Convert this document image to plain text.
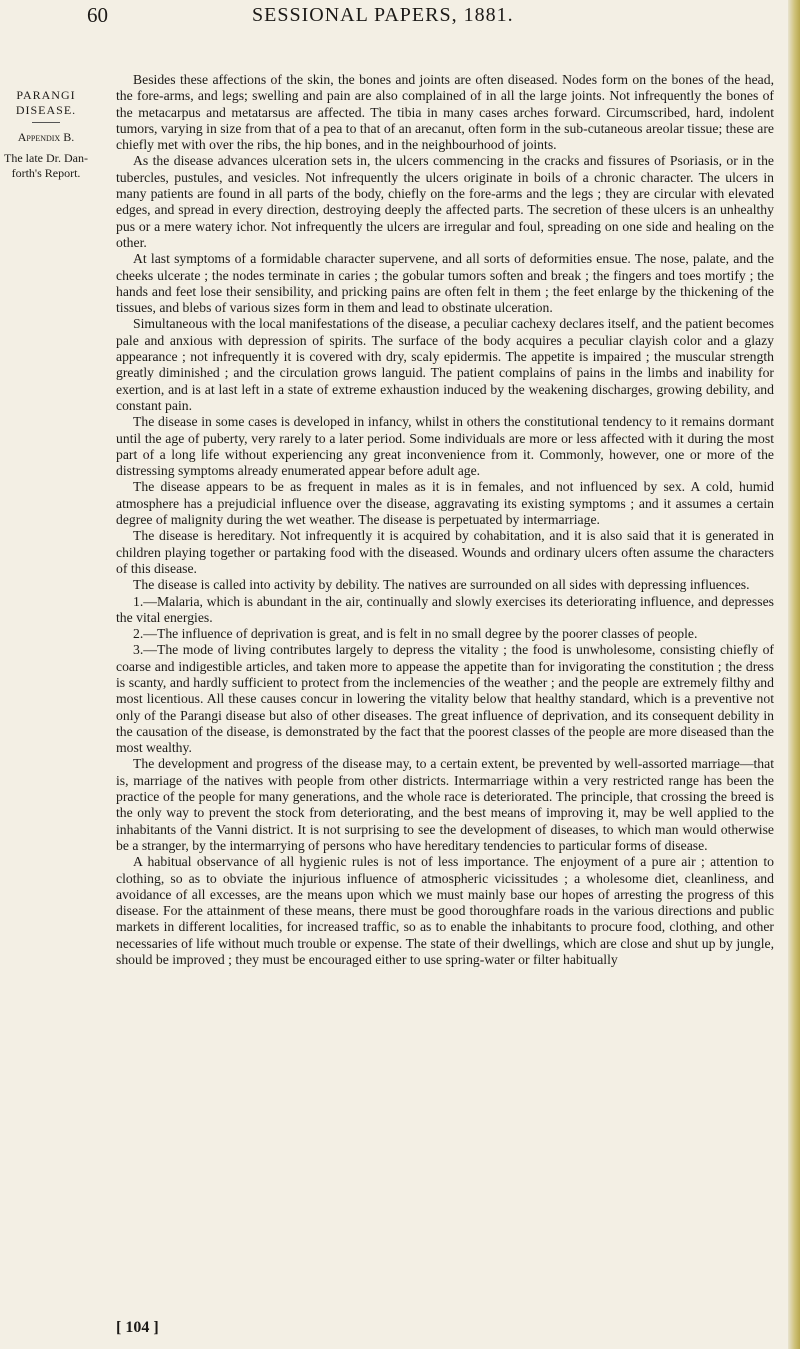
60	SESSIONAL PAPERS, 1881.
PARANGI
DISEASE.
Appendix B.
The late Dr. Dan-
forth's Report.

Besides these affections of the skin, the bones and joints are often diseased. Nodes form on the bones of the head, the fore-arms, and legs; swelling and pain are also complained of in all the large joints. Not infrequently the bones of the metacarpus and metatarsus are affected. The tibia in many cases arches forward. Circumscribed, hard, indolent tumors, varying in size from that of a pea to that of an arecanut, often form in the sub-cutaneous areolar tissue; these are chiefly met with over the ribs, the hip bones, and in the neighbourhood of joints.

As the disease advances ulceration sets in, the ulcers commencing in the cracks and fissures of Psoriasis, or in the tubercles, pustules, and vesicles. Not infrequently the ulcers originate in boils of a chronic character. The ulcers in many patients are found in all parts of the body, chiefly on the fore-arms and the legs ; they are circular with elevated edges, and spread in every direction, destroying deeply the affected parts. The secretion of these ulcers is an unhealthy pus or a mere watery ichor. Not infrequently the ulcers are irregular and foul, spreading on one side and healing on the other.

At last symptoms of a formidable character supervene, and all sorts of deformities ensue. The nose, palate, and the cheeks ulcerate ; the nodes terminate in caries ; the gobular tumors soften and break ; the fingers and toes mortify ; the hands and feet lose their sensibility, and pricking pains are often felt in them ; the feet enlarge by the thickening of the tissues, and blebs of various sizes form in them and lead to obstinate ulceration.

Simultaneous with the local manifestations of the disease, a peculiar cachexy declares itself, and the patient becomes pale and anxious with depression of spirits. The surface of the body acquires a peculiar clayish color and a glazy appearance ; not infrequently it is covered with dry, scaly epidermis. The appetite is impaired ; the muscular strength greatly diminished ; and the circulation grows languid. The patient complains of pains in the limbs and inability for exertion, and is at last left in a state of extreme exhaustion induced by the weakening discharges, growing debility, and constant pain.

The disease in some cases is developed in infancy, whilst in others the constitutional tendency to it remains dormant until the age of puberty, very rarely to a later period. Some individuals are more or less affected with it during the most part of a long life without experiencing any great inconvenience from it. Commonly, however, one or more of the distressing symptoms already enumerated appear before adult age.

The disease appears to be as frequent in males as it is in females, and not influenced by sex. A cold, humid atmosphere has a prejudicial influence over the disease, aggravating its existing symptoms ; and it assumes a certain degree of malignity during the wet weather. The disease is perpetuated by intermarriage.

The disease is hereditary. Not infrequently it is acquired by cohabitation, and it is also said that it is generated in children playing together or partaking food with the diseased. Wounds and ordinary ulcers often assume the characters of this disease.

The disease is called into activity by debility. The natives are surrounded on all sides with depressing influences.

1.—Malaria, which is abundant in the air, continually and slowly exercises its deteriorating influence, and depresses the vital energies.

2.—The influence of deprivation is great, and is felt in no small degree by the poorer classes of people.

3.—The mode of living contributes largely to depress the vitality ; the food is unwholesome, consisting chiefly of coarse and indigestible articles, and taken more to appease the appetite than for invigorating the constitution ; the dress is scanty, and hardly sufficient to protect from the inclemencies of the weather ; and the people are extremely filthy and most licentious. All these causes concur in lowering the vitality below that healthy standard, which is a preventive not only of the Parangi disease but also of other diseases. The great influence of deprivation, and its consequent debility in the causation of the disease, is demonstrated by the fact that the poorest classes of the people are more diseased than the most wealthy.

The development and progress of the disease may, to a certain extent, be prevented by well-assorted marriage—that is, marriage of the natives with people from other districts. Intermarriage within a very restricted range has been the practice of the people for many generations, and the whole race is deteriorated. The principle, that crossing the breed is the only way to prevent the stock from deteriorating, and the best means of improving it, may be well applied to the inhabitants of the Vanni district. It is not surprising to see the development of diseases, to which man would otherwise be a stranger, by the intermarrying of persons who have hereditary tendencies to particular forms of disease.

A habitual observance of all hygienic rules is not of less importance. The enjoyment of a pure air ; attention to clothing, so as to obviate the injurious influence of atmospheric vicissitudes ; a wholesome diet, cleanliness, and avoidance of all excesses, are the means upon which we must mainly base our hopes of arresting the progress of this disease. For the attainment of these means, there must be good thoroughfare roads in the various directions and public markets in different localities, for increased traffic, so as to enable the inhabitants to procure food, clothing, and other necessaries of life without much trouble or expense. The state of their dwellings, which are close and shut up by jungle, should be improved ; they must be encouraged either to use spring-water or filter habitually

[ 104 ]
